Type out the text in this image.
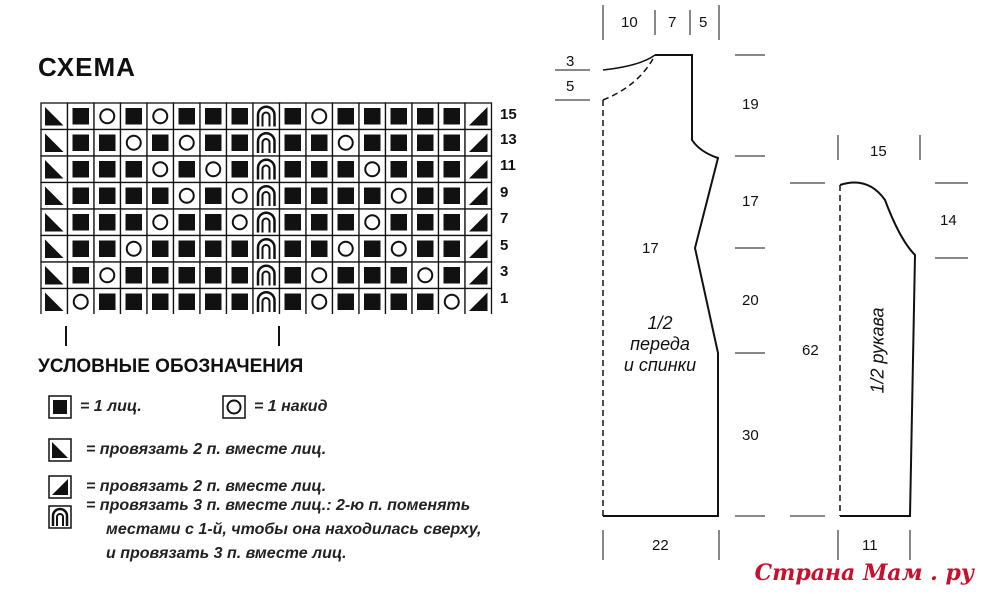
СХЕМА
15
13
11
9
7
5
3
1
УСЛОВНЫЕ ОБОЗНАЧЕНИЯ
= 1 лиц.	= 1 накид
= провязать 2 п. вместе лиц.
= провязать 2 п. вместе лиц.
= провязать 3 п. вместе лиц.: 2-ю п. поменять
местами с 1-й, чтобы она находилась сверху,
и провязать 3 п. вместе лиц.
10 7 5
3
5
19
17
20
30
17
22
1/2
переда
и спинки
15
14
62
11
1/2 рукава
Страна Мам . ру
